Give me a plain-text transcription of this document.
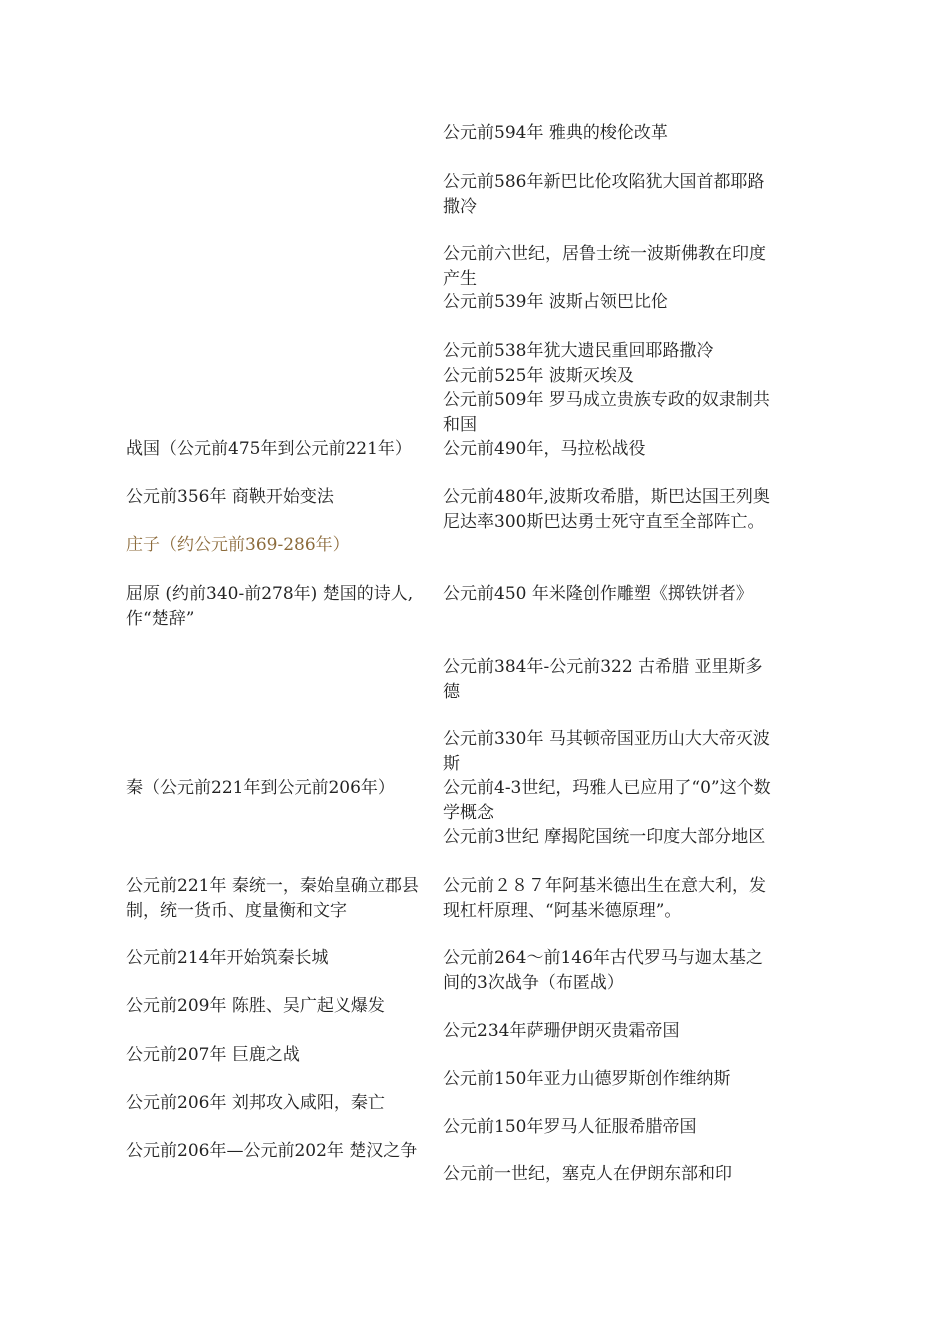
公元前594年 雅典的梭伦改革

公元前586年新巴比伦攻陷犹大国首都耶路撒冷

公元前六世纪，居鲁士统一波斯佛教在印度产生

公元前539年 波斯占领巴比伦

公元前538年犹大遗民重回耶路撒冷

公元前525年 波斯灭埃及

公元前509年 罗马成立贵族专政的奴隶制共和国

公元前490年，马拉松战役

公元前480年,波斯攻希腊，斯巴达国王列奥尼达率300斯巴达勇士死守直至全部阵亡。

公元前450 年米隆创作雕塑《掷铁饼者》

公元前384年-公元前322 古希腊 亚里斯多德

公元前330年 马其顿帝国亚历山大大帝灭波斯

公元前4-3世纪，玛雅人已应用了“0”这个数学概念

公元前3世纪 摩揭陀国统一印度大部分地区

公元前２８７年阿基米德出生在意大利，发现杠杆原理、“阿基米德原理”。

公元前264～前146年古代罗马与迦太基之间的3次战争（布匿战）

公元234年萨珊伊朗灭贵霜帝国

公元前150年亚力山德罗斯创作维纳斯

公元前150年罗马人征服希腊帝国

公元前一世纪，塞克人在伊朗东部和印

战国（公元前475年到公元前221年）

公元前356年 商鞅开始变法

庄子（约公元前369-286年）

屈原 (约前340-前278年) 楚国的诗人,作“楚辞”

秦（公元前221年到公元前206年）

公元前221年 秦统一，秦始皇确立郡县制，统一货币、度量衡和文字

公元前214年开始筑秦长城

公元前209年 陈胜、吴广起义爆发

公元前207年 巨鹿之战

公元前206年 刘邦攻入咸阳，秦亡

公元前206年—公元前202年 楚汉之争
